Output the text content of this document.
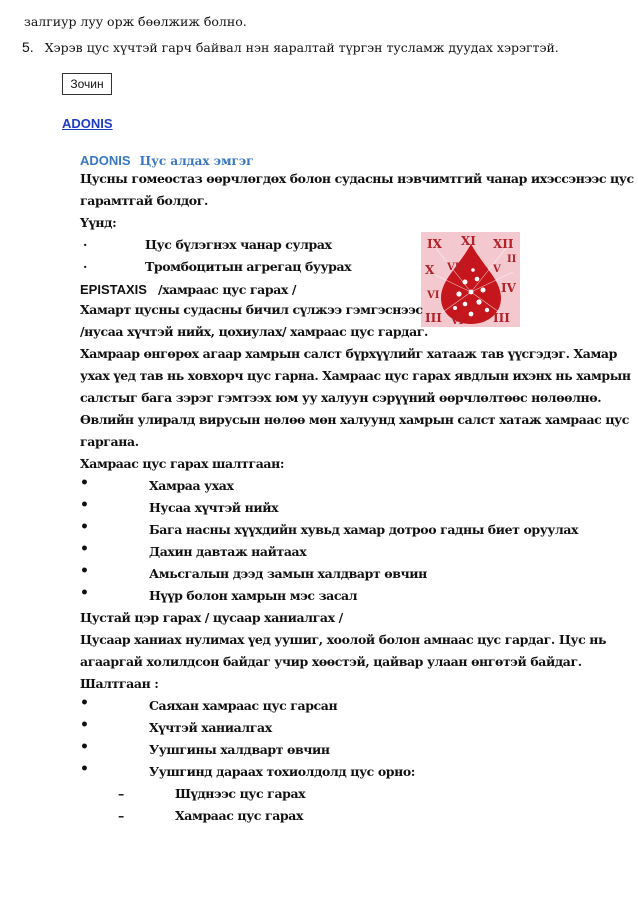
залгиур луу орж бөөлжиж болно.
5. Хэрэв цус хүчтэй гарч байвал нэн яаралтай түргэн тусламж дуудах хэрэгтэй.
Зочин
ADONIS
ADONIS Цус алдах эмгэг
Цусны гомеостаз өөрчлөгдөх болон судасны нэвчимтгий чанар ихэссэнээс цус
гарамтгай болдог.
Үүнд:
·	Цус бүлэгнэх чанар сулрах
·	Тромбоцитын агрегац буурах
IX XI XII
II
X VII	V
IV
VI
III VI III
EPISTAXIS /хамраас цус гарах /
Хамарт цусны судасны бичил сүлжээ гэмгэснээс
/нусаа хүчтэй нийх, цохиулах/ хамраас цус гардаг.
Хамраар өнгөрөх агаар хамрын салст бүрхүүлийг хатааж тав үүсгэдэг. Хамар
ухах үед тав нь ховхорч цус гарна. Хамраас цус гарах явдлын ихэнх нь хамрын
салстыг бага зэрэг гэмтээх юм уу халуун сэрүүний өөрчлөлтөөс нөлөөлнө.
Өвлийн улиралд вирусын нөлөө мөн халуунд хамрын салст хатаж хамраас цус
гаргана.
Хамраас цус гарах шалтгаан:
•	Хамраа ухах
•	Нусаа хүчтэй нийх
•	Бага насны хүүхдийн хувьд хамар дотроо гадны биет оруулах
•	Дахин давтаж найтаах
•	Амьсгалын дээд замын халдварт өвчин
•	Нүүр болон хамрын мэс засал
Цустай цэр гарах / цусаар ханиалгах /
Цусаар ханиах нулимах үед уушиг, хоолой болон амнаас цус гардаг. Цус нь
агааргай холилдсон байдаг учир хөөстэй, цайвар улаан өнгөтэй байдаг.
Шалтгаан :
•	Саяхан хамраас цус гарсан
•	Хүчтэй ханиалгах
•	Уушгины халдварт өвчин
•	Уушгинд дараах тохиолдолд цус орно:
–	Шүднээс цус гарах
–	Хамраас цус гарах
